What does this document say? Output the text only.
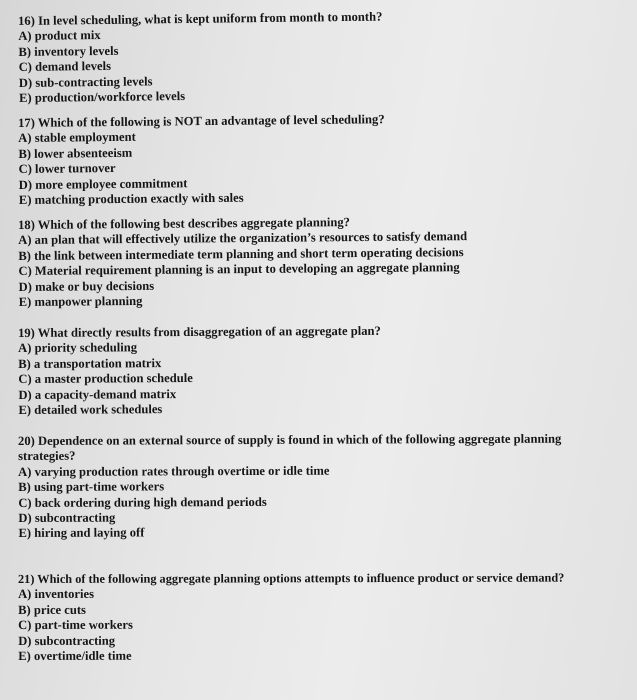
16) In level scheduling, what is kept uniform from month to month?
A) product mix
B) inventory levels
C) demand levels
D) sub-contracting levels
E) production/workforce levels
17) Which of the following is NOT an advantage of level scheduling?
A) stable employment
B) lower absenteeism
C) lower turnover
D) more employee commitment
E) matching production exactly with sales
18) Which of the following best describes aggregate planning?
A) an plan that will effectively utilize the organization’s resources to satisfy demand
B) the link between intermediate term planning and short term operating decisions
C) Material requirement planning is an input to developing an aggregate planning
D) make or buy decisions
E) manpower planning
19) What directly results from disaggregation of an aggregate plan?
A) priority scheduling
B) a transportation matrix
C) a master production schedule
D) a capacity-demand matrix
E) detailed work schedules
20) Dependence on an external source of supply is found in which of the following aggregate planning strategies?
A) varying production rates through overtime or idle time
B) using part-time workers
C) back ordering during high demand periods
D) subcontracting
E) hiring and laying off
21) Which of the following aggregate planning options attempts to influence product or service demand?
A) inventories
B) price cuts
C) part-time workers
D) subcontracting
E) overtime/idle time
